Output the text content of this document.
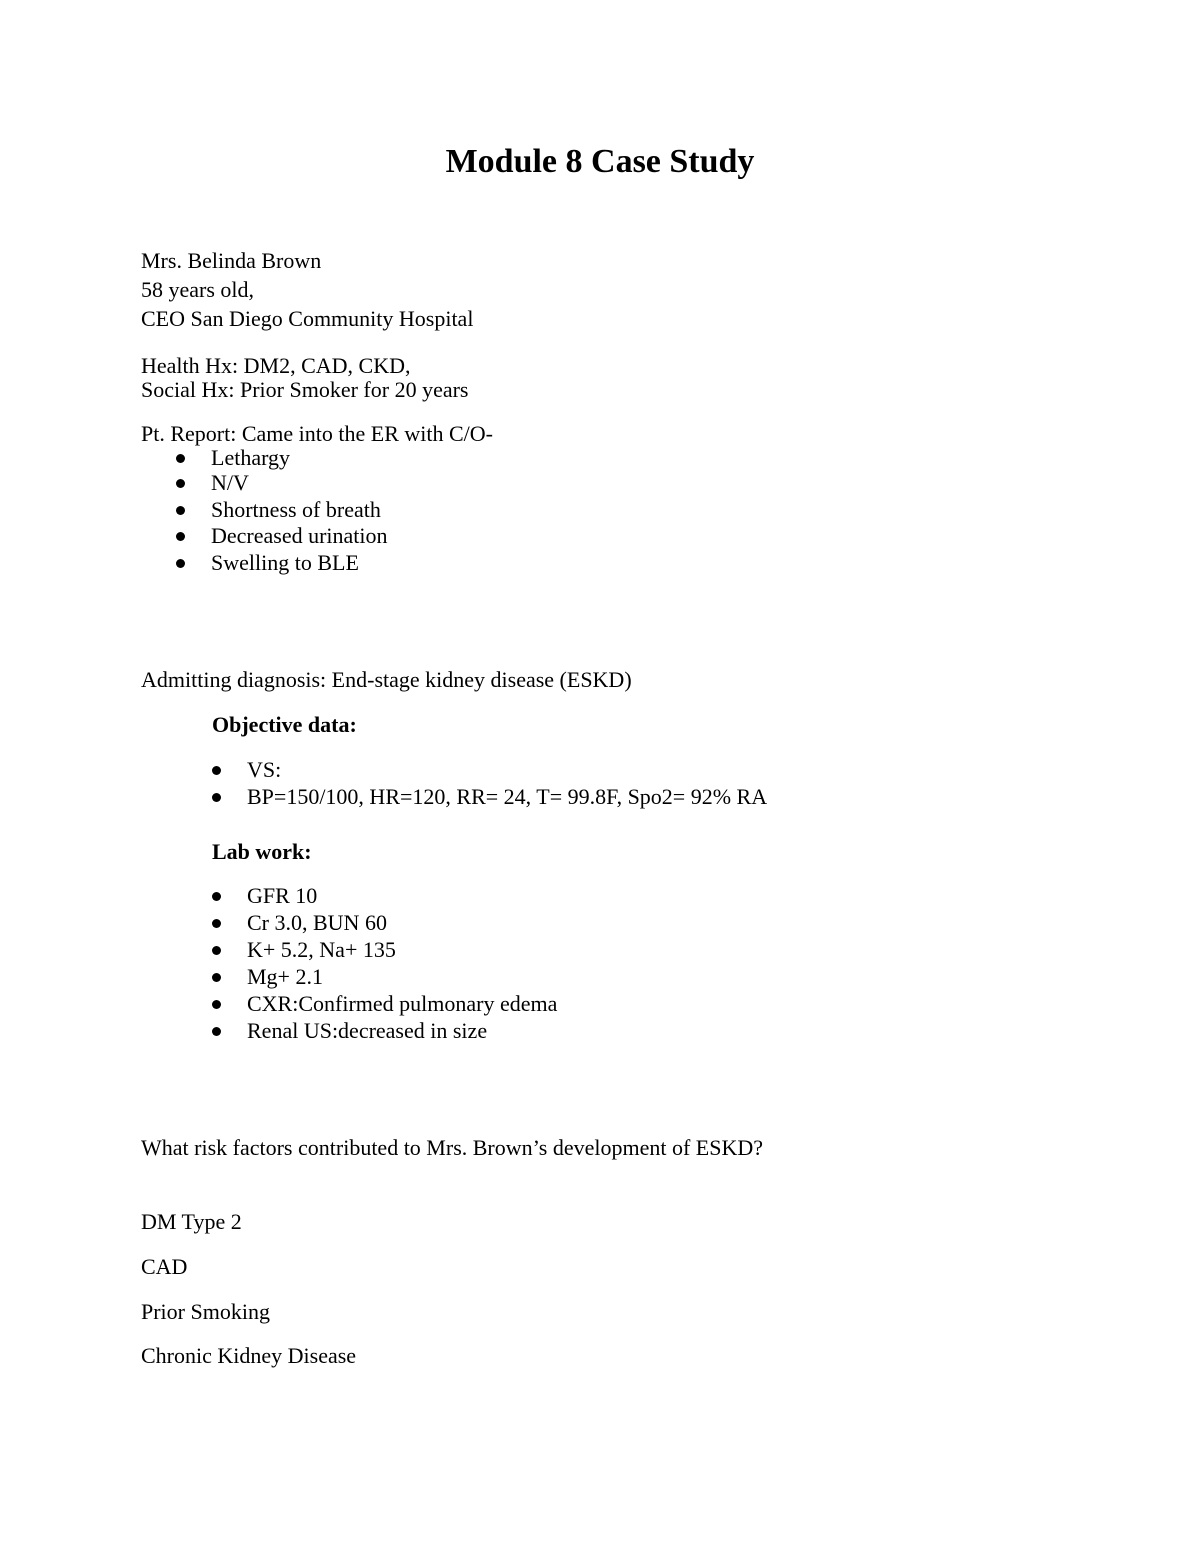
Module 8 Case Study

Mrs. Belinda Brown

58 years old,

CEO San Diego Community Hospital

Health Hx: DM2, CAD, CKD,

Social Hx: Prior Smoker for 20 years

Pt. Report: Came into the ER with C/O-

Lethargy
N/V
Shortness of breath
Decreased urination
Swelling to BLE

Admitting diagnosis: End-stage kidney disease (ESKD)

Objective data:

VS:
BP=150/100, HR=120, RR= 24, T= 99.8F, Spo2= 92% RA

Lab work:

GFR 10
Cr 3.0, BUN 60
K+ 5.2, Na+ 135
Mg+ 2.1
CXR:Confirmed pulmonary edema
Renal US:decreased in size

What risk factors contributed to Mrs. Brown’s development of ESKD?

DM Type 2

CAD

Prior Smoking

Chronic Kidney Disease
